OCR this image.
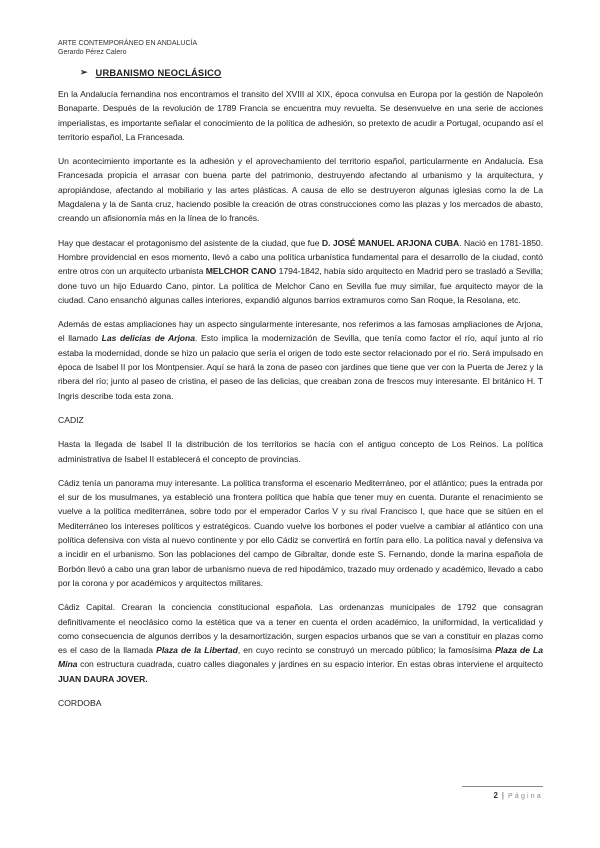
ARTE CONTEMPORÁNEO EN ANDALUCÍA
Gerardo Pérez Calero
➢ URBANISMO NEOCLÁSICO

En la Andalucía fernandina nos encontramos el transito del XVIII al XIX, época convulsa en Europa por la gestión de Napoleón Bonaparte. Después de la revolución de 1789 Francia se encuentra muy revuelta. Se desenvuelve en una serie de acciones imperialistas, es importante señalar el conocimiento de la política de adhesión, so pretexto de acudir a Portugal, ocupando así el territorio español, La Francesada.

Un acontecimiento importante es la adhesión y el aprovechamiento del territorio español, particularmente en Andalucía. Esa Francesada propicia el arrasar con buena parte del patrimonio, destruyendo afectando al urbanismo y la arquitectura, y apropiándose, afectando al mobiliario y las artes plásticas. A causa de ello se destruyeron algunas iglesias como la de La Magdalena y la de Santa cruz, haciendo posible la creación de otras construcciones como las plazas y los mercados de abasto, creando un afisionomía más en la línea de lo francés.

Hay que destacar el protagonismo del asistente de la ciudad, que fue D. JOSÉ MANUEL ARJONA CUBA. Nació en 1781-1850. Hombre providencial en esos momento, llevó a cabo una política urbanística fundamental para el desarrollo de la ciudad, contó entre otros con un arquitecto urbanista MELCHOR CANO 1794-1842, había sido arquitecto en Madrid pero se trasladó a Sevilla; done tuvo un hijo Eduardo Cano, pintor. La política de Melchor Cano en Sevilla fue muy similar, fue arquitecto mayor de la ciudad. Cano ensanchó algunas calles interiores, expandió algunos barrios extramuros como San Roque, la Resolana, etc.

Además de estas ampliaciones hay un aspecto singularmente interesante, nos referimos a las famosas ampliaciones de Arjona, el llamado Las delicias de Arjona. Esto implica la modernización de Sevilla, que tenía como factor el río, aquí junto al río estaba la modernidad, donde se hizo un palacio que sería el origen de todo este sector relacionado por el rio. Será impulsado en época de Isabel II por los Montpensier. Aquí se hará la zona de paseo con jardines que tiene que ver con la Puerta de Jerez y la ribera del río; junto al paseo de cristina, el paseo de las delicias, que creaban zona de frescos muy interesante. El británico H. T Ingris describe toda esta zona.

CADIZ

Hasta la llegada de Isabel II la distribución de los territorios se hacía con el antiguo concepto de Los Reinos. La política administrativa de Isabel II establecerá el concepto de provincias.

Cádiz tenía un panorama muy interesante. La política transforma el escenario Mediterráneo, por el atlántico; pues la entrada por el sur de los musulmanes, ya estableció una frontera política que había que tener muy en cuenta. Durante el renacimiento se vuelve a la política mediterránea, sobre todo por el emperador Carlos V y su rival Francisco I, que hace que se sitúen en el Mediterráneo los intereses políticos y estratégicos. Cuando vuelve los borbones el poder vuelve a cambiar al atlántico con una política defensiva con vista al nuevo continente y por ello Cádiz se convertirá en fortín para ello. La política naval y defensiva va a incidir en el urbanismo. Son las poblaciones del campo de Gibraltar, donde este S. Fernando, donde la marina española de Borbón llevó a cabo una gran labor de urbanismo nueva de red hipodámico, trazado muy ordenado y académico, llevado a cabo por la corona y por académicos y arquitectos militares.

Cádiz Capital. Crearan la conciencia constitucional española. Las ordenanzas municipales de 1792 que consagran definitivamente el neoclásico como la estética que va a tener en cuenta el orden académico, la uniformidad, la verticalidad y como consecuencia de algunos derribos y la desamortización, surgen espacios urbanos que se van a constituir en plazas como es el caso de la llamada Plaza de la Libertad, en cuyo recinto se construyó un mercado público; la famosísima Plaza de La Mina con estructura cuadrada, cuatro calles diagonales y jardines en su espacio interior. En estas obras interviene el arquitecto JUAN DAURA JOVER.

CORDOBA
2 | Página
